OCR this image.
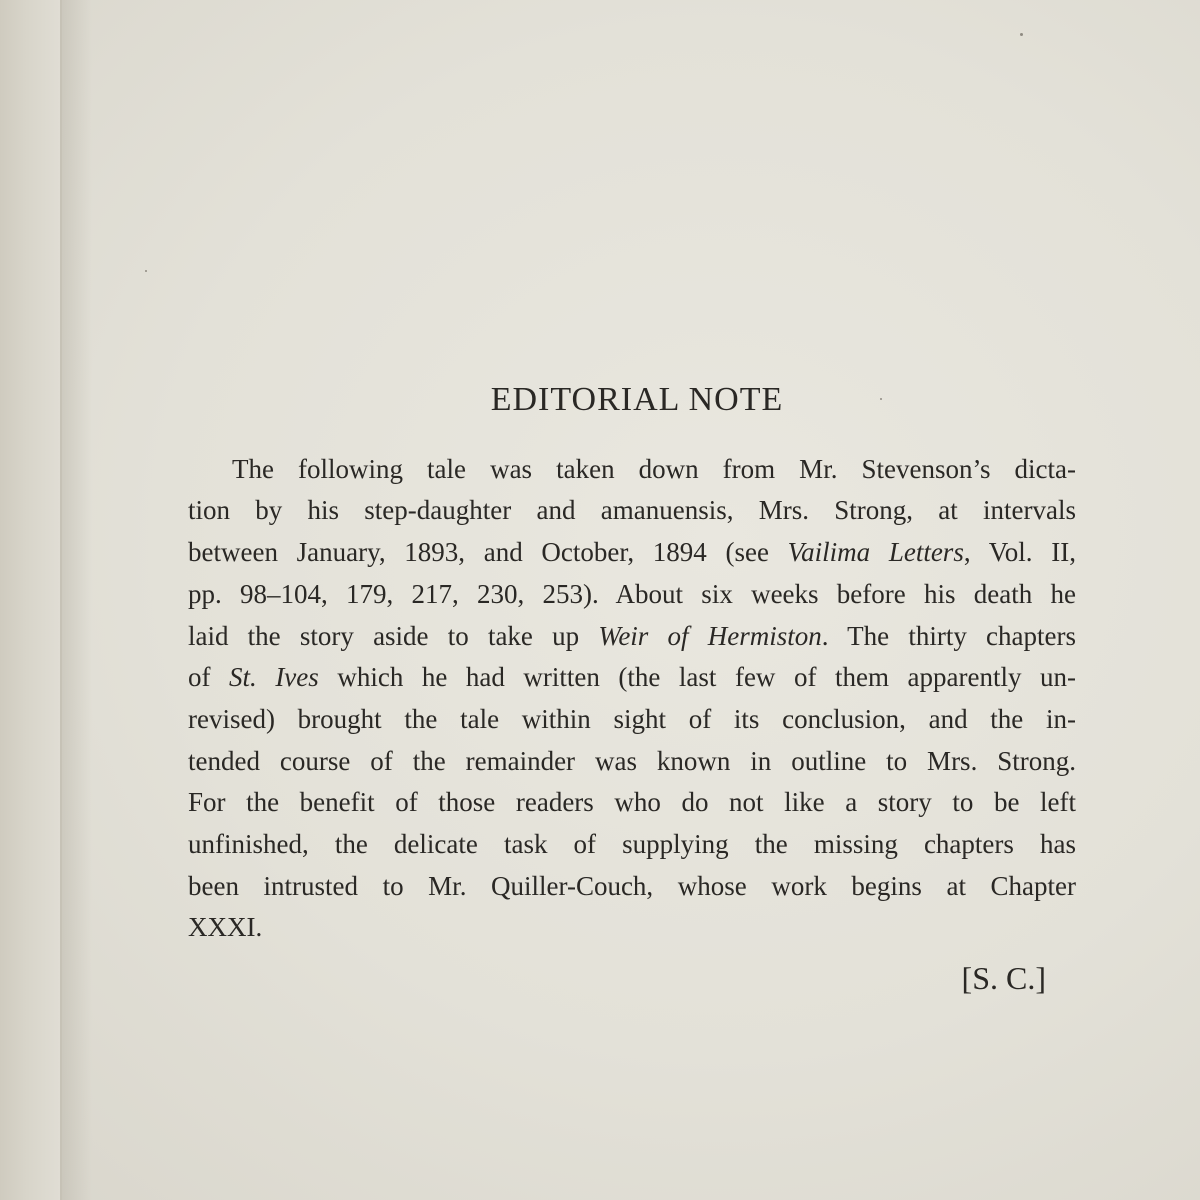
EDITORIAL NOTE
The following tale was taken down from Mr. Stevenson’s dicta-
tion by his step-daughter and amanuensis, Mrs. Strong, at intervals
between January, 1893, and October, 1894 (see Vailima Letters, Vol. II,
pp. 98–104, 179, 217, 230, 253). About six weeks before his death he
laid the story aside to take up Weir of Hermiston. The thirty chapters
of St. Ives which he had written (the last few of them apparently un-
revised) brought the tale within sight of its conclusion, and the in-
tended course of the remainder was known in outline to Mrs. Strong.
For the benefit of those readers who do not like a story to be left
unfinished, the delicate task of supplying the missing chapters has
been intrusted to Mr. Quiller-Couch, whose work begins at Chapter
XXXI.
[S. C.]
